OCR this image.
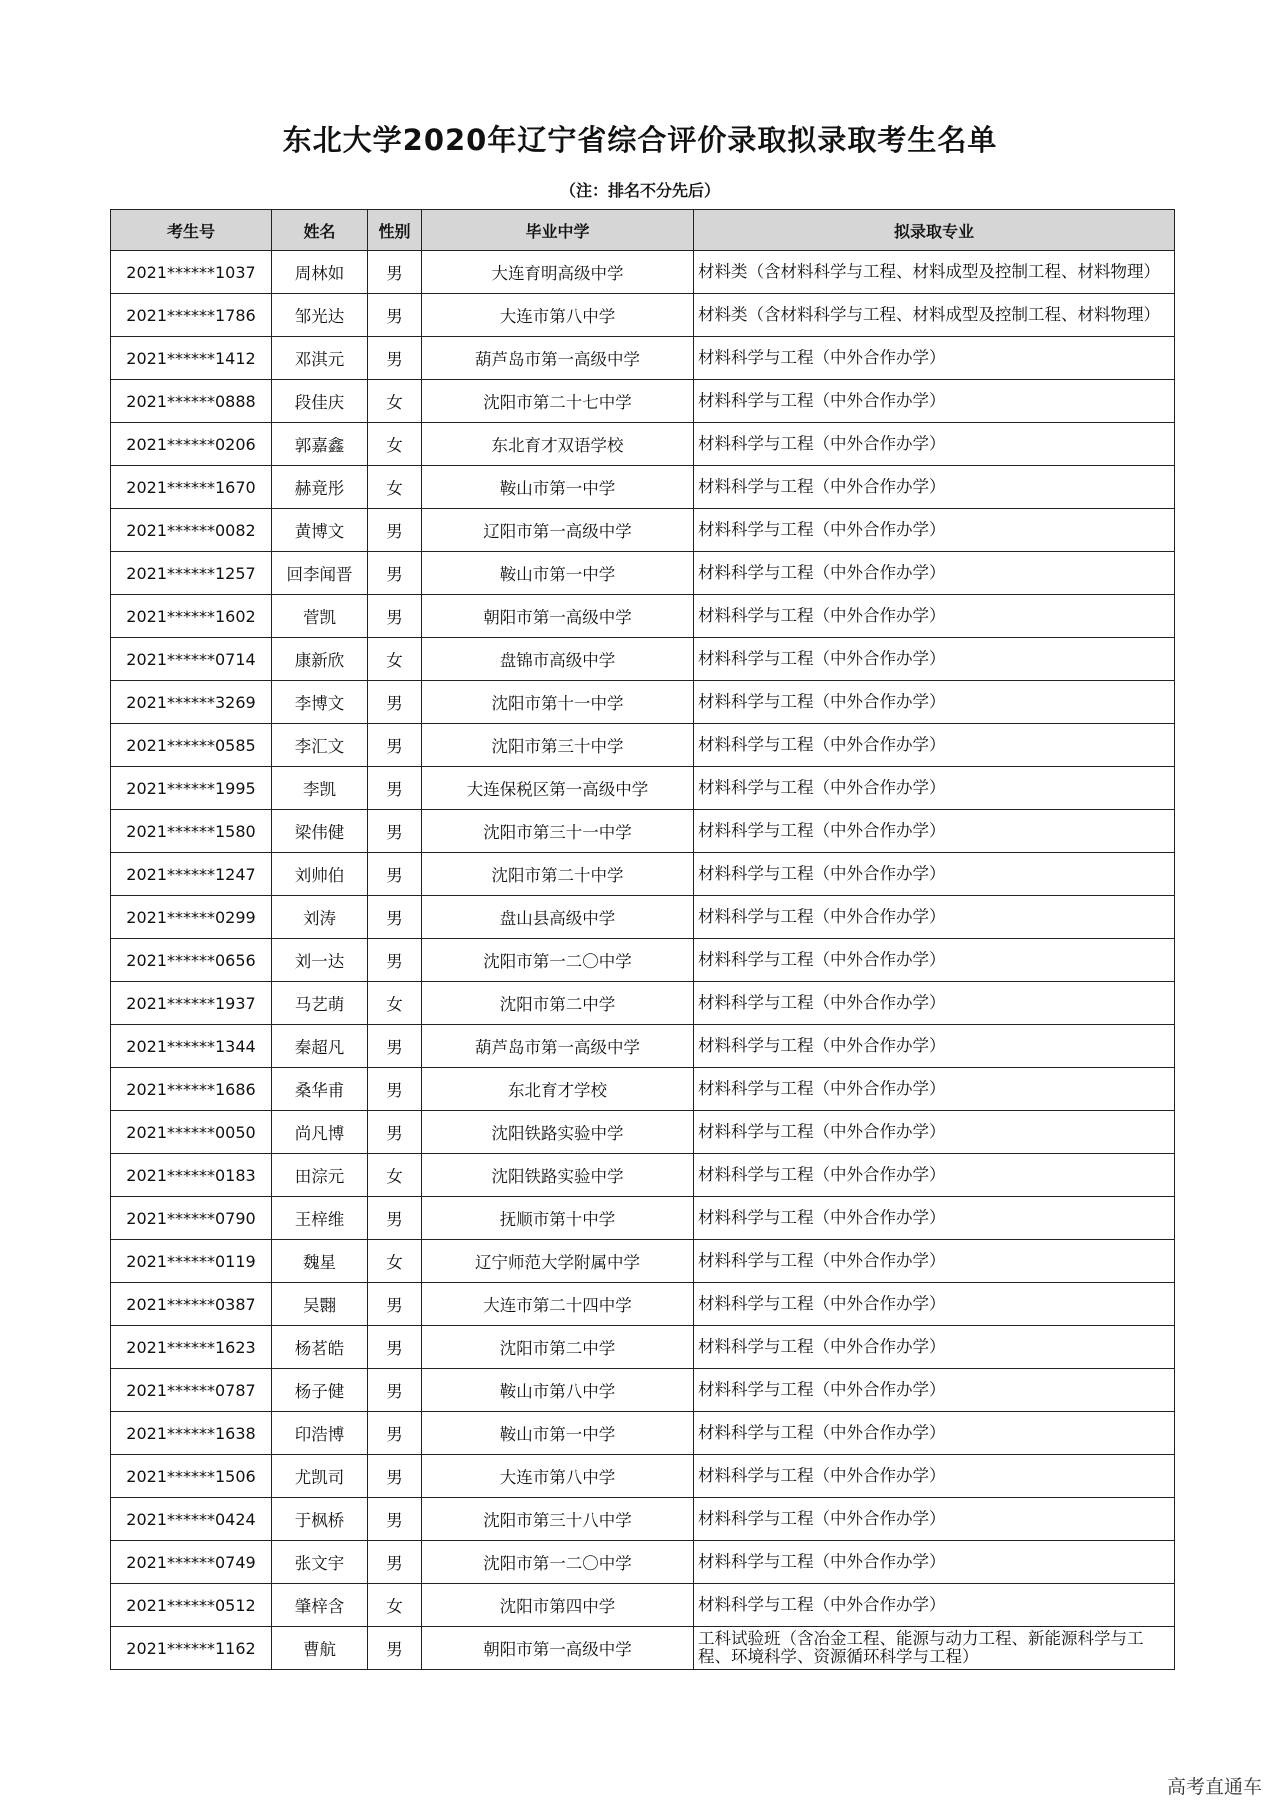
东北大学2020年辽宁省综合评价录取拟录取考生名单
（注：排名不分先后）
考生号	姓名	性别	毕业中学	拟录取专业
2021******1037	周林如	男	大连育明高级中学	材料类（含材料科学与工程、材料成型及控制工程、材料物理）
2021******1786	邹光达	男	大连市第八中学	材料类（含材料科学与工程、材料成型及控制工程、材料物理）
2021******1412	邓淇元	男	葫芦岛市第一高级中学	材料科学与工程（中外合作办学）
2021******0888	段佳庆	女	沈阳市第二十七中学	材料科学与工程（中外合作办学）
2021******0206	郭嘉鑫	女	东北育才双语学校	材料科学与工程（中外合作办学）
2021******1670	赫竟彤	女	鞍山市第一中学	材料科学与工程（中外合作办学）
2021******0082	黄博文	男	辽阳市第一高级中学	材料科学与工程（中外合作办学）
2021******1257	回李闻晋	男	鞍山市第一中学	材料科学与工程（中外合作办学）
2021******1602	菅凯	男	朝阳市第一高级中学	材料科学与工程（中外合作办学）
2021******0714	康新欣	女	盘锦市高级中学	材料科学与工程（中外合作办学）
2021******3269	李博文	男	沈阳市第十一中学	材料科学与工程（中外合作办学）
2021******0585	李汇文	男	沈阳市第三十中学	材料科学与工程（中外合作办学）
2021******1995	李凯	男	大连保税区第一高级中学	材料科学与工程（中外合作办学）
2021******1580	梁伟健	男	沈阳市第三十一中学	材料科学与工程（中外合作办学）
2021******1247	刘帅伯	男	沈阳市第二十中学	材料科学与工程（中外合作办学）
2021******0299	刘涛	男	盘山县高级中学	材料科学与工程（中外合作办学）
2021******0656	刘一达	男	沈阳市第一二〇中学	材料科学与工程（中外合作办学）
2021******1937	马艺萌	女	沈阳市第二中学	材料科学与工程（中外合作办学）
2021******1344	秦超凡	男	葫芦岛市第一高级中学	材料科学与工程（中外合作办学）
2021******1686	桑华甫	男	东北育才学校	材料科学与工程（中外合作办学）
2021******0050	尚凡博	男	沈阳铁路实验中学	材料科学与工程（中外合作办学）
2021******0183	田淙元	女	沈阳铁路实验中学	材料科学与工程（中外合作办学）
2021******0790	王梓维	男	抚顺市第十中学	材料科学与工程（中外合作办学）
2021******0119	魏星	女	辽宁师范大学附属中学	材料科学与工程（中外合作办学）
2021******0387	吴翾	男	大连市第二十四中学	材料科学与工程（中外合作办学）
2021******1623	杨茗皓	男	沈阳市第二中学	材料科学与工程（中外合作办学）
2021******0787	杨子健	男	鞍山市第八中学	材料科学与工程（中外合作办学）
2021******1638	印浩博	男	鞍山市第一中学	材料科学与工程（中外合作办学）
2021******1506	尤凯司	男	大连市第八中学	材料科学与工程（中外合作办学）
2021******0424	于枫桥	男	沈阳市第三十八中学	材料科学与工程（中外合作办学）
2021******0749	张文宇	男	沈阳市第一二〇中学	材料科学与工程（中外合作办学）
2021******0512	肇梓含	女	沈阳市第四中学	材料科学与工程（中外合作办学）
2021******1162	曹航	男	朝阳市第一高级中学	工科试验班（含冶金工程、能源与动力工程、新能源科学与工程、环境科学、资源循环科学与工程）
高考直通车
